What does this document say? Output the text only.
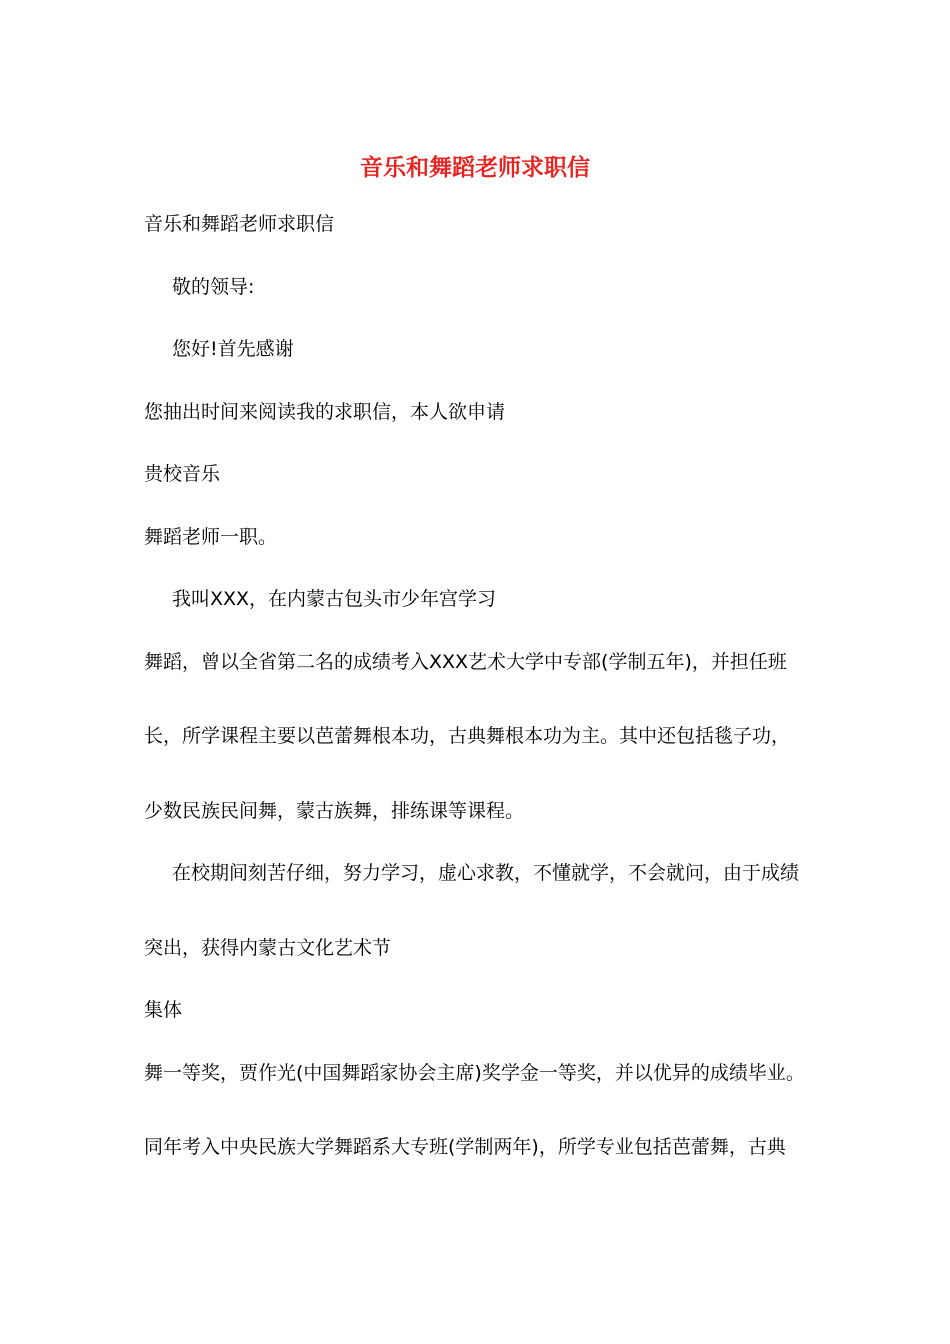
音乐和舞蹈老师求职信
音乐和舞蹈老师求职信
敬的领导:
您好!首先感谢
您抽出时间来阅读我的求职信，本人欲申请
贵校音乐
舞蹈老师一职。
我叫XXX，在内蒙古包头市少年宫学习
舞蹈，曾以全省第二名的成绩考入XXX艺术大学中专部(学制五年)，并担任班
长，所学课程主要以芭蕾舞根本功，古典舞根本功为主。其中还包括毯子功，
少数民族民间舞，蒙古族舞，排练课等课程。
在校期间刻苦仔细，努力学习，虚心求教，不懂就学，不会就问，由于成绩
突出，获得内蒙古文化艺术节
集体
舞一等奖，贾作光(中国舞蹈家协会主席)奖学金一等奖，并以优异的成绩毕业。
同年考入中央民族大学舞蹈系大专班(学制两年)，所学专业包括芭蕾舞，古典
